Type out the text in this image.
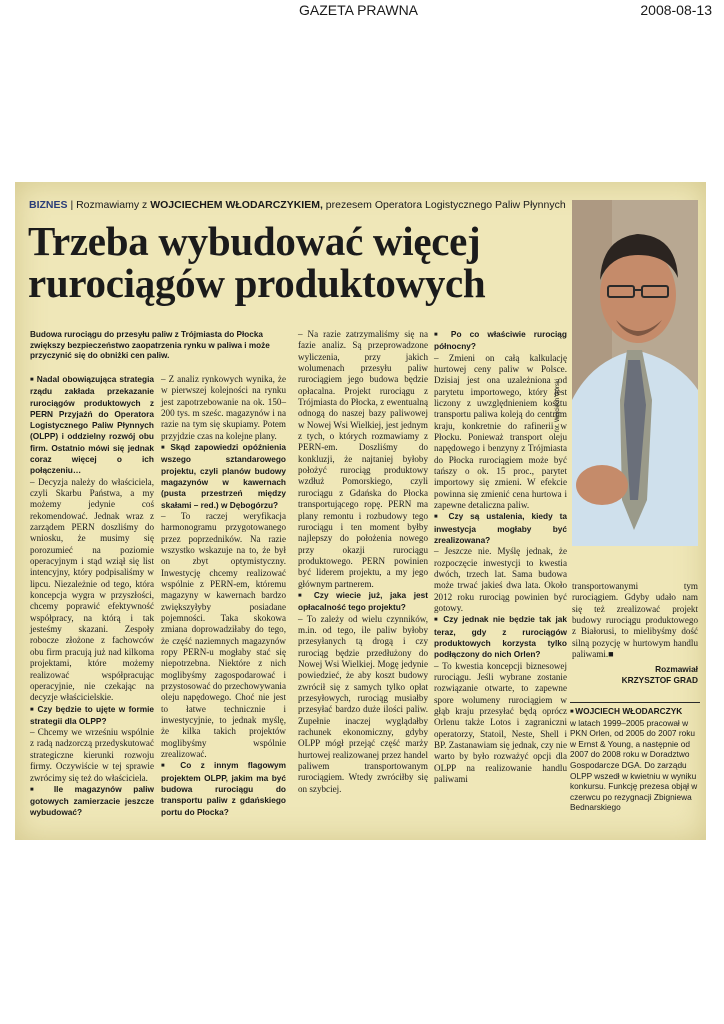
GAZETA PRAWNA	2008-08-13
BIZNES | Rozmawiamy z WOJCIECHEM WŁODARCZYKIEM, prezesem Operatora Logistycznego Paliw Płynnych
Trzeba wybudować więcej
rurociągów produktowych
fot. Wojciech Górski
Budowa rurociągu do przesyłu paliw z Trójmiasta do Płocka zwiększy bezpieczeństwo zaopatrzenia rynku w paliwa i może przyczynić się do obniżki cen paliw.

■ Nadal obowiązująca strategia rządu zakłada przekazanie rurociągów produktowych z PERN Przyjaźń do Operatora Logistycznego Paliw Płynnych (OLPP) i oddzielny rozwój obu firm. Ostatnio mówi się jednak coraz więcej o ich połączeniu…

– Decyzja należy do właściciela, czyli Skarbu Państwa, a my możemy jedynie coś rekomendować. Jednak wraz z zarządem PERN doszliśmy do wniosku, że musimy się porozumieć na poziomie operacyjnym i stąd wziął się list intencyjny, który podpisaliśmy w lipcu. Niezależnie od tego, która koncepcja wygra w przyszłości, chcemy poprawić efektywność współpracy, na którą i tak jesteśmy skazani. Zespoły robocze złożone z fachowców obu firm pracują już nad kilkoma projektami, które możemy realizować współpracując operacyjnie, nie czekając na decyzje właścicielskie.

■ Czy będzie to ujęte w formie strategii dla OLPP?

– Chcemy we wrześniu wspólnie z radą nadzorczą przedyskutować strategiczne kierunki rozwoju firmy. Oczywiście w tej sprawie zwrócimy się też do właściciela.

■ Ile magazynów paliw gotowych zamierzacie jeszcze wybudować?

– Z analiz rynkowych wynika, że w pierwszej kolejności na rynku jest zapotrzebowanie na ok. 150–200 tys. m sześc. magazynów i na razie na tym się skupiamy. Potem przyjdzie czas na kolejne plany.

■ Skąd zapowiedzi opóźnienia wszego sztandarowego projektu, czyli planów budowy magazynów w kawernach (pusta przestrzeń między skałami – red.) w Dębogórzu?

– To raczej weryfikacja harmonogramu przygotowanego przez poprzedników. Na razie wszystko wskazuje na to, że był on zbyt optymistyczny. Inwestycję chcemy realizować wspólnie z PERN-em, któremu magazyny w kawernach bardzo zwiększyłyby posiadane pojemności. Taka skokowa zmiana doprowadziłaby do tego, że część naziemnych magazynów ropy PERN-u mogłaby stać się niepotrzebna. Niektóre z nich moglibyśmy zagospodarować i przystosować do przechowywania oleju napędowego. Choć nie jest to łatwe technicznie i inwestycyjnie, to jednak myślę, że kilka takich projektów moglibyśmy wspólnie zrealizować.

■ Co z innym flagowym projektem OLPP, jakim ma być budowa rurociągu do transportu paliw z gdańskiego portu do Płocka?

– Na razie zatrzymaliśmy się na fazie analiz. Są przeprowadzone wyliczenia, przy jakich wolumenach przesyłu paliw rurociągiem jego budowa będzie opłacalna. Projekt rurociągu z Trójmiasta do Płocka, z ewentualną odnogą do naszej bazy paliwowej w Nowej Wsi Wielkiej, jest jednym z tych, o których rozmawiamy z PERN-em. Doszliśmy do konkluzji, że najtaniej byłoby położyć rurociąg produktowy wzdłuż Pomorskiego, czyli rurociągu z Gdańska do Płocka transportującego ropę. PERN ma plany remontu i rozbudowy tego rurociągu i ten moment byłby najlepszy do położenia nowego przy okazji rurociągu produktowego. PERN powinien być liderem projektu, a my jego głównym partnerem.

■ Czy wiecie już, jaka jest opłacalność tego projektu?

– To zależy od wielu czynników, m.in. od tego, ile paliw byłoby przesyłanych tą drogą i czy rurociąg będzie przedłużony do Nowej Wsi Wielkiej. Mogę jedynie powiedzieć, że aby koszt budowy zwrócił się z samych tylko opłat przesyłowych, rurociąg musiałby przesyłać bardzo duże ilości paliw. Zupełnie inaczej wyglądałby rachunek ekonomiczny, gdyby OLPP mógł przejąć część marży hurtowej realizowanej przez handel paliwem transportowanym rurociągiem. Wtedy zwróciłby się on szybciej.

■ Po co właściwie rurociąg północny?

– Zmieni on całą kalkulację hurtowej ceny paliw w Polsce. Dzisiaj jest ona uzależniona od parytetu importowego, który jest liczony z uwzględnieniem kosztu transportu paliwa koleją do centrum kraju, konkretnie do rafinerii w Płocku. Ponieważ transport oleju napędowego i benzyny z Trójmiasta do Płocka rurociągiem może być tańszy o ok. 15 proc., parytet importowy się zmieni. W efekcie powinna się zmienić cena hurtowa i zapewne detaliczna paliw.

■ Czy są ustalenia, kiedy ta inwestycja mogłaby być zrealizowana?

– Jeszcze nie. Myślę jednak, że rozpoczęcie inwestycji to kwestia dwóch, trzech lat. Sama budowa może trwać jakieś dwa lata. Około 2012 roku rurociąg powinien być gotowy.

■ Czy jednak nie będzie tak jak teraz, gdy z rurociągów produktowych korzysta tylko podłączony do nich Orlen?

– To kwestia koncepcji biznesowej rurociągu. Jeśli wybrane zostanie rozwiązanie otwarte, to zapewne spore wolumeny rurociągiem w głąb kraju przesyłać będą oprócz Orlenu także Lotos i zagraniczni operatorzy, Statoil, Neste, Shell i BP. Zastanawiam się jednak, czy nie warto by było rozważyć opcji dla OLPP na realizowanie handlu paliwami

transportowanymi tym rurociągiem. Gdyby udało nam się też zrealizować projekt budowy rurociągu produktowego z Białorusi, to mielibyśmy dość silną pozycję w hurtowym handlu paliwami.■

Rozmawiał
KRZYSZTOF GRAD
■ WOJCIECH WŁODARCZYK
w latach 1999–2005 pracował w PKN Orlen, od 2005 do 2007 roku w Ernst & Young, a następnie od 2007 do 2008 roku w Doradztwo Gospodarcze DGA. Do zarządu OLPP wszedł w kwietniu w wyniku konkursu. Funkcję prezesa objął w czerwcu po rezygnacji Zbigniewa Bednarskiego
